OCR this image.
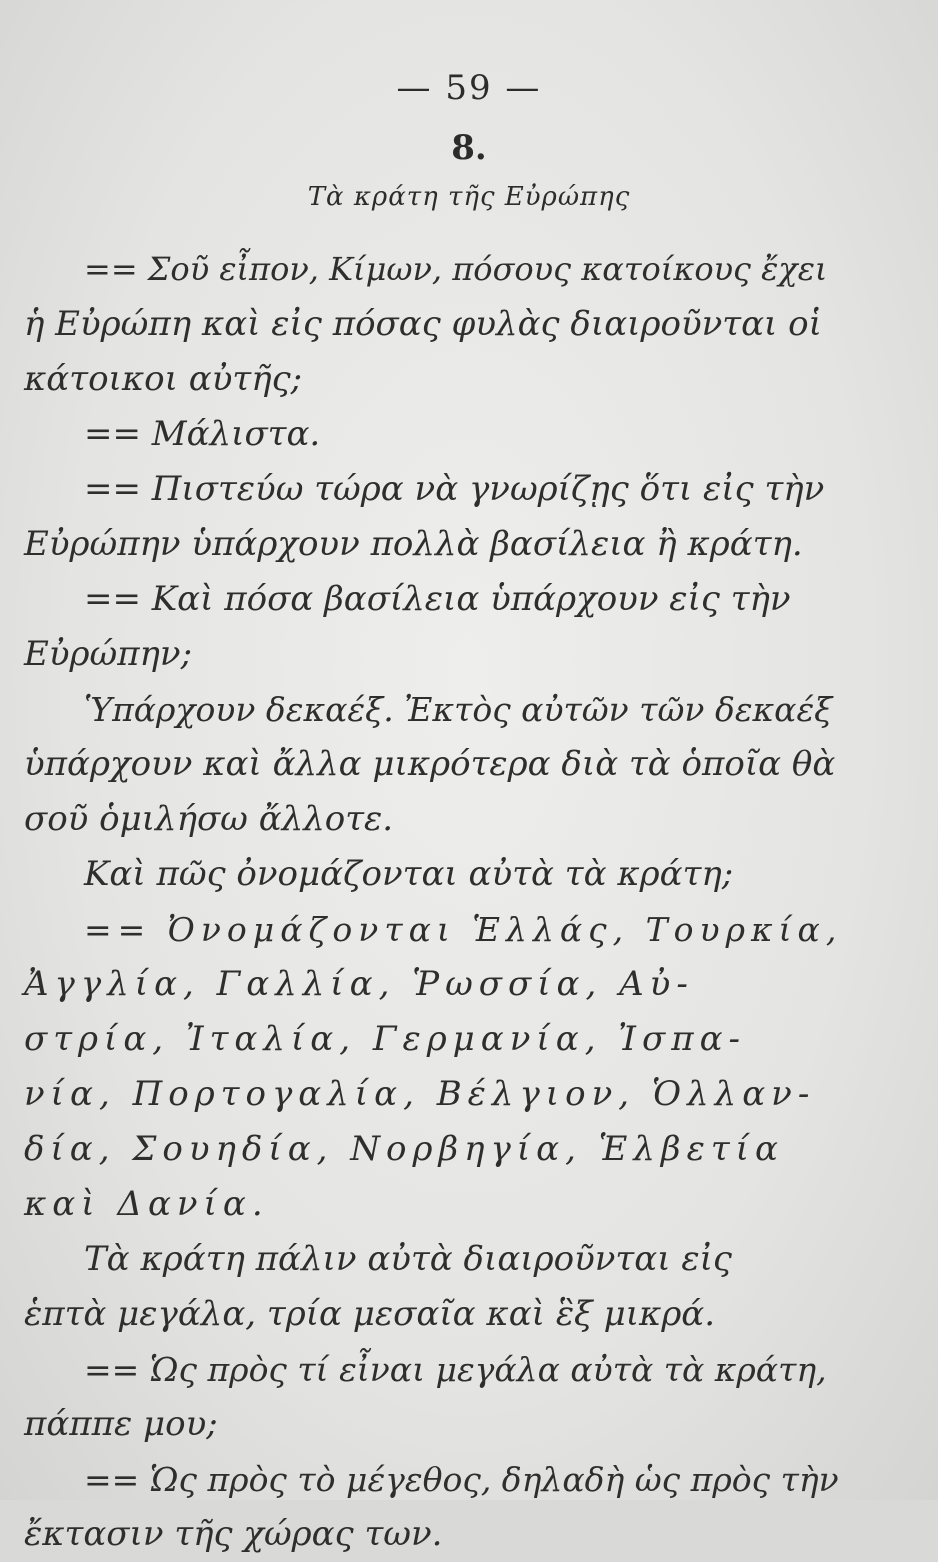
— 59 —
8.
Τὰ κράτη τῆς Εὐρώπης
== Σοῦ εἶπον, Κίμων, πόσους κατοίκους ἔχει
ἡ Εὐρώπη καὶ εἰς πόσας φυλὰς διαιροῦνται οἱ
κάτοικοι αὐτῆς;
== Μάλιστα.
== Πιστεύω τώρα νὰ γνωρίζῃς ὅτι εἰς τὴν
Εὐρώπην ὑπάρχουν πολλὰ βασίλεια ἢ κράτη.
== Καὶ πόσα βασίλεια ὑπάρχουν εἰς τὴν
Εὐρώπην;
Ὑπάρχουν δεκαέξ. Ἐκτὸς αὐτῶν τῶν δεκαέξ
ὑπάρχουν καὶ ἄλλα μικρότερα διὰ τὰ ὁποῖα θὰ
σοῦ ὁμιλήσω ἄλλοτε.
Καὶ πῶς ὀνομάζονται αὐτὰ τὰ κράτη;
== Ὀνομάζονται Ἑλλάς, Τουρκία,
Ἀγγλία, Γαλλία, Ῥωσσία, Αὐ-
στρία, Ἰταλία, Γερμανία, Ἰσπα-
νία, Πορτογαλία, Βέλγιον, Ὁλλαν-
δία, Σουηδία, Νορβηγία, Ἑλβετία
καὶ Δανία.
Τὰ κράτη πάλιν αὐτὰ διαιροῦνται εἰς
ἑπτὰ μεγάλα, τρία μεσαῖα καὶ ἓξ μικρά.
== Ὡς πρὸς τί εἶναι μεγάλα αὐτὰ τὰ κράτη,
πάππε μου;
== Ὡς πρὸς τὸ μέγεθος, δηλαδὴ ὡς πρὸς τὴν
ἔκτασιν τῆς χώρας των.
